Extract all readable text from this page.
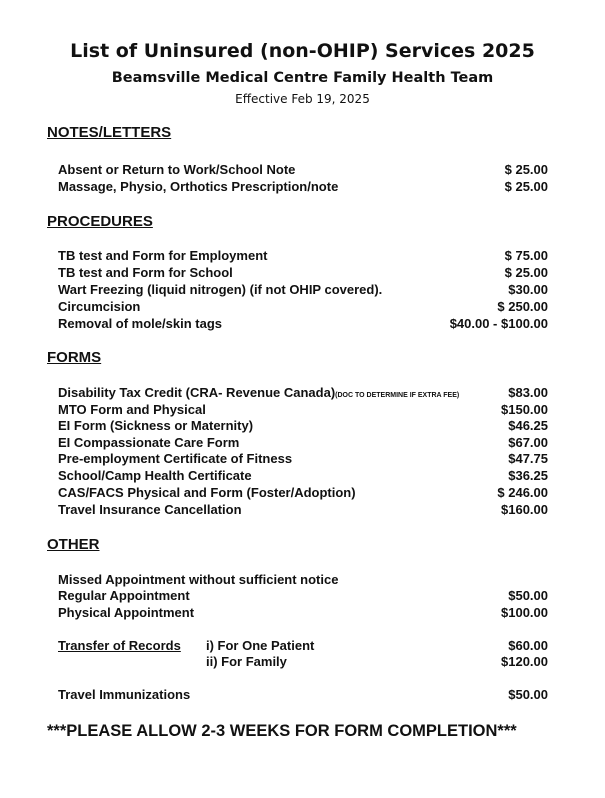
List of Uninsured (non-OHIP) Services 2025
Beamsville Medical Centre Family Health Team
Effective Feb 19, 2025
NOTES/LETTERS
Absent or Return to Work/School Note	$ 25.00
Massage, Physio, Orthotics Prescription/note	$ 25.00
PROCEDURES
TB test and Form for Employment	$ 75.00
TB test and Form for School	$ 25.00
Wart Freezing (liquid nitrogen) (if not OHIP covered).	$30.00
Circumcision	$ 250.00
Removal of mole/skin tags	$40.00 - $100.00
FORMS
Disability Tax Credit (CRA- Revenue Canada)(DOC TO DETERMINE IF EXTRA FEE)	$83.00
MTO Form and Physical	$150.00
EI Form (Sickness or Maternity)	$46.25
EI Compassionate Care Form	$67.00
Pre-employment Certificate of Fitness	$47.75
School/Camp Health Certificate	$36.25
CAS/FACS Physical and Form (Foster/Adoption)	$ 246.00
Travel Insurance Cancellation	$160.00
OTHER
Missed Appointment without sufficient notice
Regular Appointment	$50.00
Physical Appointment	$100.00
Transfer of Records i) For One Patient	$60.00
ii) For Family	$120.00
Travel Immunizations	$50.00
***PLEASE ALLOW 2-3 WEEKS FOR FORM COMPLETION***
